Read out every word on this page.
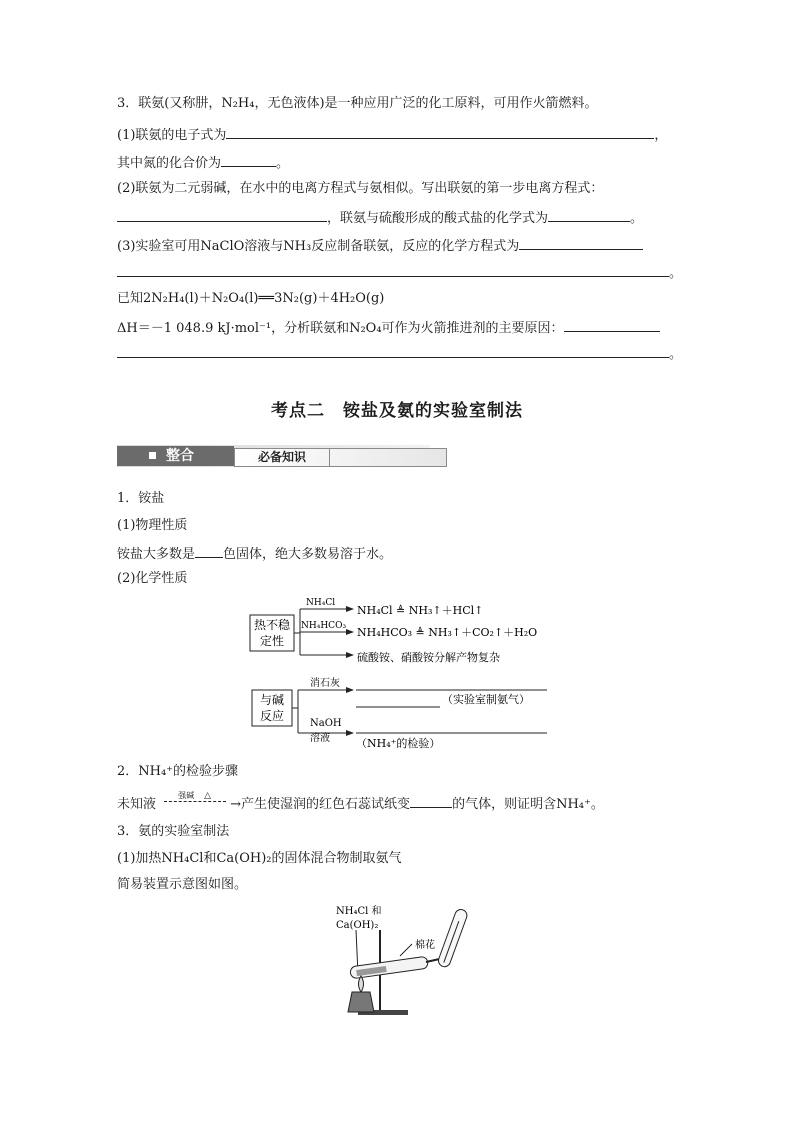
3．联氨(又称肼，N₂H₄，无色液体)是一种应用广泛的化工原料，可用作火箭燃料。
(1)联氨的电子式为	，
其中氮的化合价为	。
(2)联氨为二元弱碱，在水中的电离方程式与氨相似。写出联氨的第一步电离方程式：
，联氨与硫酸形成的酸式盐的化学式为	。
(3)实验室可用NaClO溶液与NH₃反应制备联氨，反应的化学方程式为
。
已知2N₂H₄(l)＋N₂O₄(l)══3N₂(g)＋4H₂O(g)
ΔH＝－1 048.9 kJ·mol⁻¹，分析联氨和N₂O₄可作为火箭推进剂的主要原因：
。
考点二　铵盐及氨的实验室制法
整合	必备知识
1．铵盐
(1)物理性质
铵盐大多数是 色固体，绝大多数易溶于水。
(2)化学性质
热不稳
定性
NH₄Cl
NH₄HCO₃
NH₄Cl ≜ NH₃↑＋HCl↑
NH₄HCO₃ ≜ NH₃↑＋CO₂↑＋H₂O
硫酸铵、硝酸铵分解产物复杂
与碱
反应
消石灰
NaOH
溶液
（实验室制氨气）
（NH₄⁺的检验）
2．NH₄⁺的检验步骤
未知液
强碱 △
→产生使湿润的红色石蕊试纸变	的气体，则证明含NH₄⁺。
3．氨的实验室制法
(1)加热NH₄Cl和Ca(OH)₂的固体混合物制取氨气
简易装置示意图如图。
NH₄Cl 和
Ca(OH)₂
棉花
